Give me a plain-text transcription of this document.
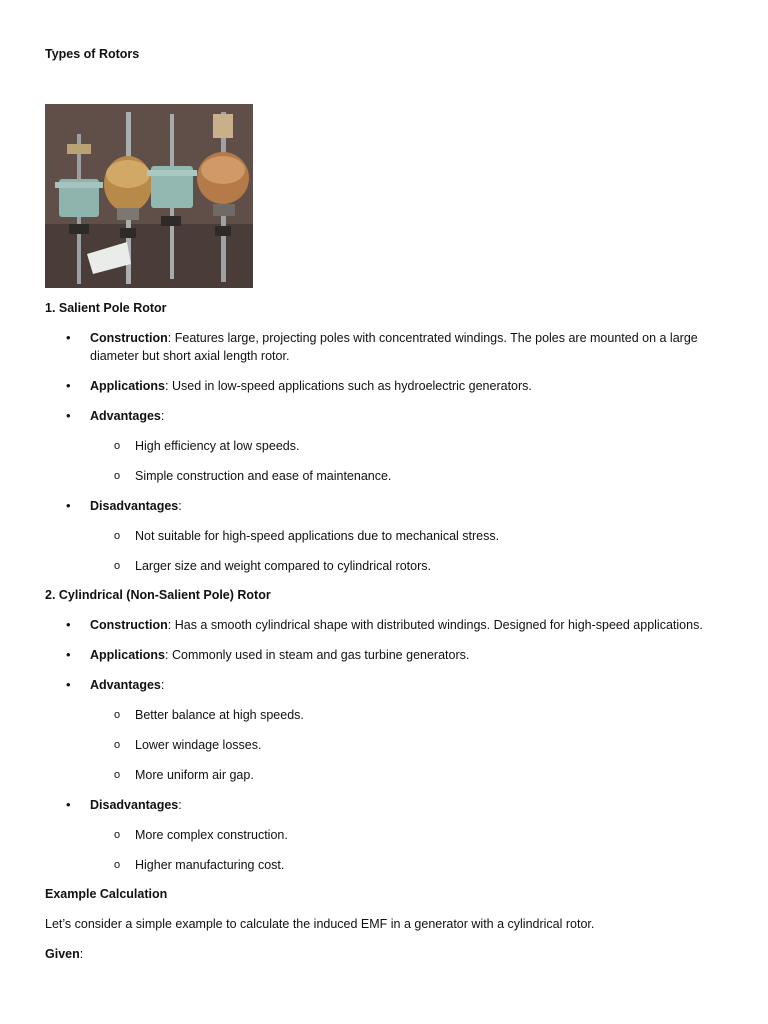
Types of Rotors
1. Salient Pole Rotor
• Construction: Features large, projecting poles with concentrated windings. The poles are mounted on a large diameter but short axial length rotor.
• Applications: Used in low-speed applications such as hydroelectric generators.
• Advantages:
o High efficiency at low speeds.
o Simple construction and ease of maintenance.
• Disadvantages:
o Not suitable for high-speed applications due to mechanical stress.
o Larger size and weight compared to cylindrical rotors.
2. Cylindrical (Non-Salient Pole) Rotor
• Construction: Has a smooth cylindrical shape with distributed windings. Designed for high-speed applications.
• Applications: Commonly used in steam and gas turbine generators.
• Advantages:
o Better balance at high speeds.
o Lower windage losses.
o More uniform air gap.
• Disadvantages:
o More complex construction.
o Higher manufacturing cost.
Example Calculation
Let’s consider a simple example to calculate the induced EMF in a generator with a cylindrical rotor.
Given:
